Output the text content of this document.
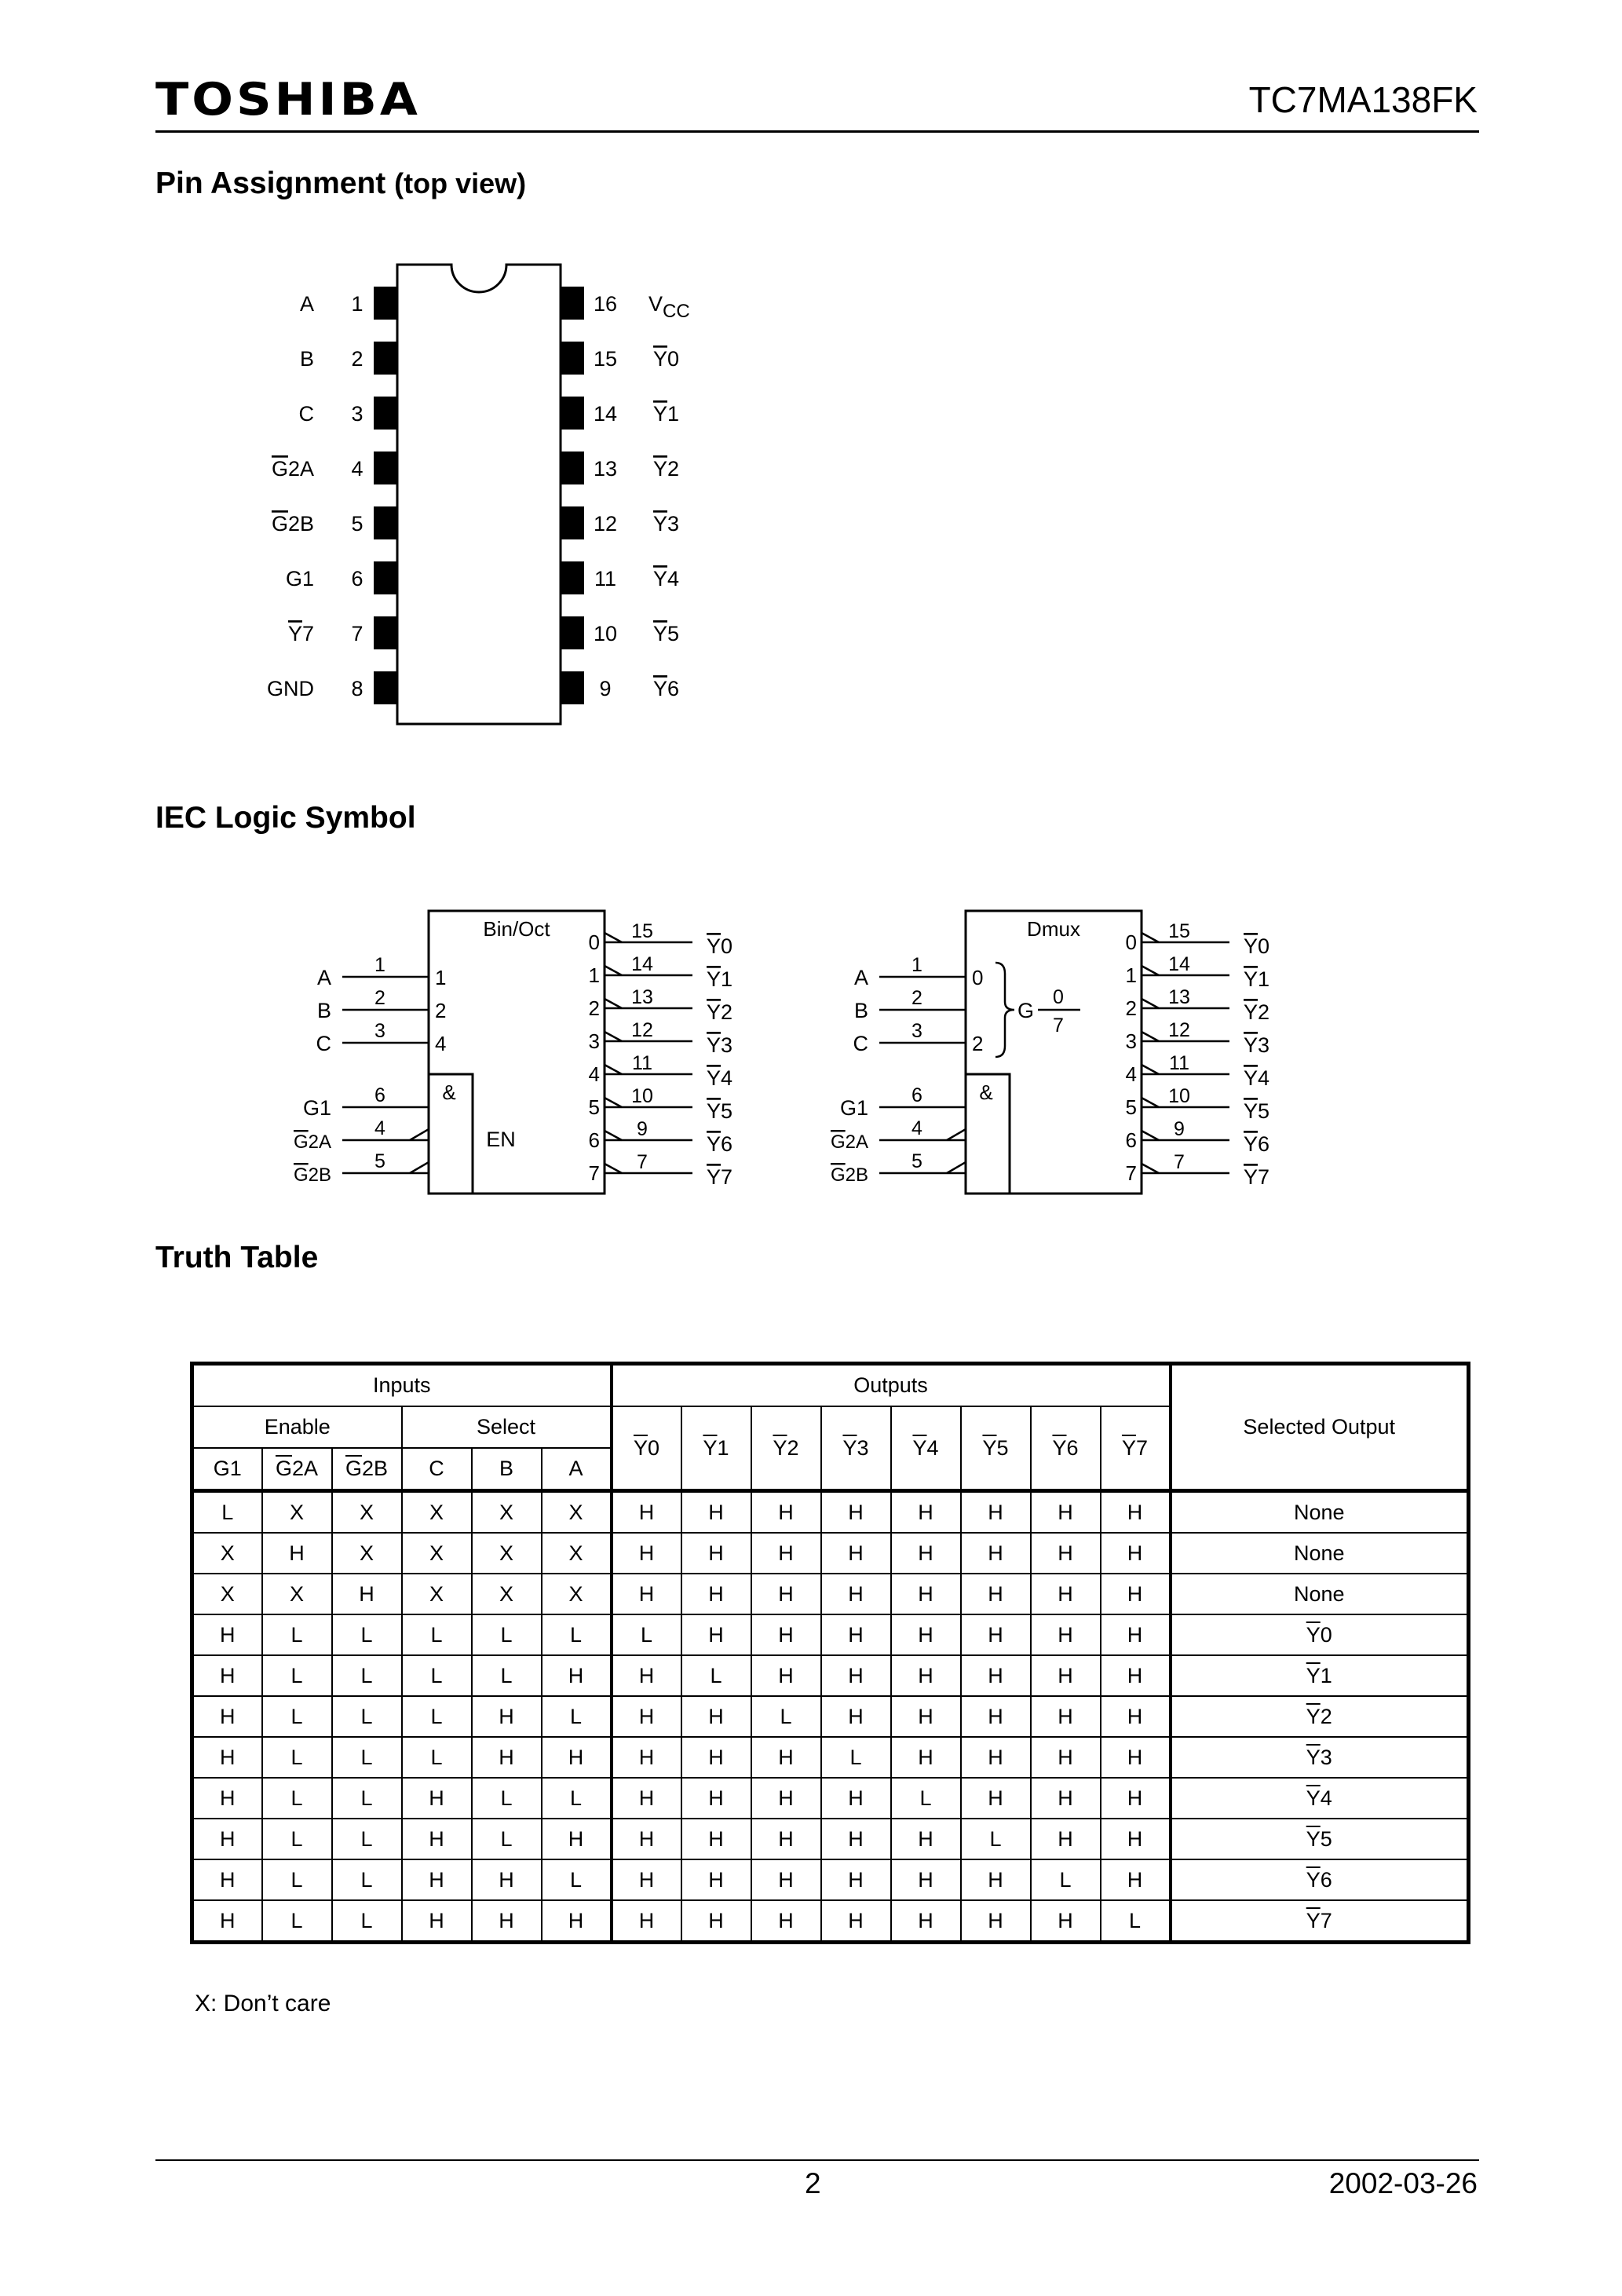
TOSHIBA	TC7MA138FK
Pin Assignment (top view)
1
A
2
B
3
C
4
G2A
5
G2B
6
G1
7
Y7
8
GND
16 VCC
15 Y0
14 Y1
13 Y2
12 Y3
11 Y4
10 Y5
9 Y6
IEC Logic Symbol
Bin/Oct
&
EN
A
1
1
B
2
2
C
3
4
6
G1
4
G2A
5
G2B
0 15
Y0
1 14
Y1
2 13
Y2
3 12
Y3
4 11
Y4
5 10
Y5
6 9
Y6
7 7
Y7
Dmux
&
A
1
0
B
2
C
3
2
G
0
7
6
G1
4
G2A
5
G2B
0 15
Y0
1 14
Y1
2 13
Y2
3 12
Y3
4 11
Y4
5 10
Y5
6 9
Y6
7 7
Y7
Truth Table
Inputs						Outputs								Selected Output
Enable			Select			$\overline{Y}0$	$\overline{Y}1$	$\overline{Y}2$	$\overline{Y}3$	$\overline{Y}4$	$\overline{Y}5$	$\overline{Y}6$	$\overline{Y}7$	
G1	$\overline{G}2A$	$\overline{G}2B$	C	B	A									
L	X	X	X	X	X	H	H	H	H	H	H	H	H	None
X	H	X	X	X	X	H	H	H	H	H	H	H	H	None
X	X	H	X	X	X	H	H	H	H	H	H	H	H	None
H	L	L	L	L	L	L	H	H	H	H	H	H	H	$\overline{Y}0$
H	L	L	L	L	H	H	L	H	H	H	H	H	H	$\overline{Y}1$
H	L	L	L	H	L	H	H	L	H	H	H	H	H	$\overline{Y}2$
H	L	L	L	H	H	H	H	H	L	H	H	H	H	$\overline{Y}3$
H	L	L	H	L	L	H	H	H	H	L	H	H	H	$\overline{Y}4$
H	L	L	H	L	H	H	H	H	H	H	L	H	H	$\overline{Y}5$
H	L	L	H	H	L	H	H	H	H	H	H	L	H	$\overline{Y}6$
H	L	L	H	H	H	H	H	H	H	H	H	H	L	$\overline{Y}7$
X: Don’t care
2	2002-03-26
